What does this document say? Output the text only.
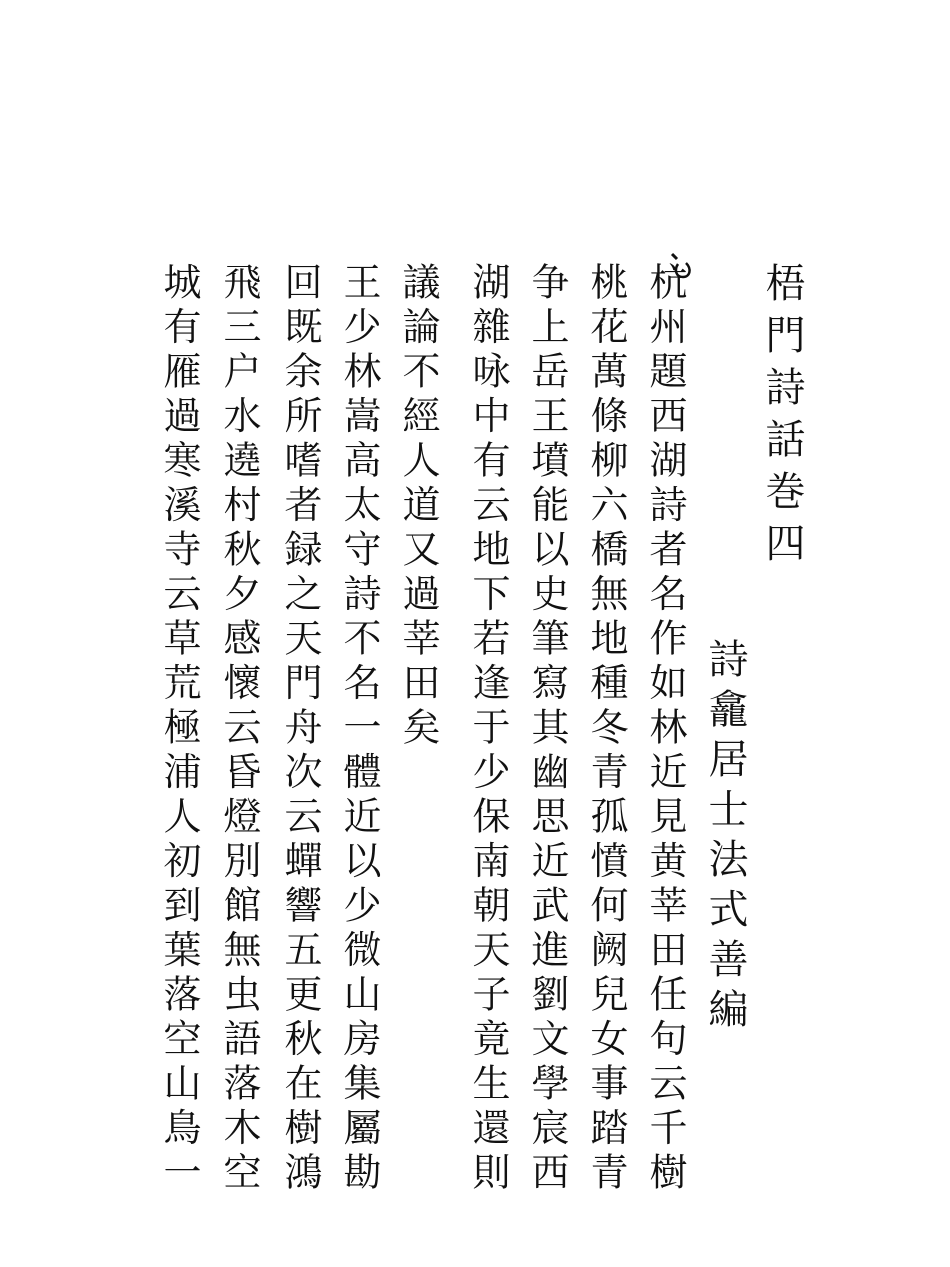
梧門詩話巻四
詩龕居士法式善編
杭州題西湖詩者名作如林近見黄莘田任句云千樹
桃花萬條柳六橋無地種冬青孤憤何阙兒女事踏青
争上岳王墳能以史筆寫其幽思近武進劉文學宸西
湖雜咏中有云地下若逢于少保南朝天子竟生還則
議論不經人道又過莘田矣
王少林嵩高太守詩不名一體近以少微山房集屬勘
回既余所嗜者録之天門舟次云蟬響五更秋在樹鴻
飛三户水遶村秋夕感懷云昏燈別館無虫語落木空
城有雁過寒溪寺云草荒極浦人初到葉落空山鳥一
